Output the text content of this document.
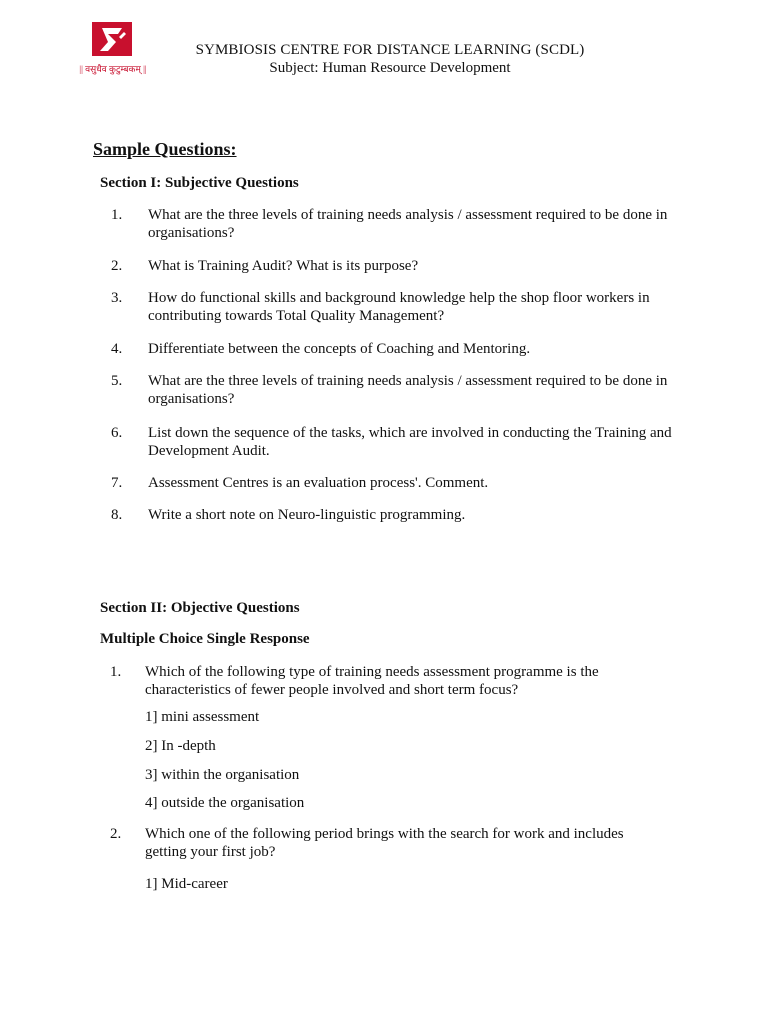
|| वसुधैव कुटुम्बकम् ||
SYMBIOSIS CENTRE FOR DISTANCE LEARNING (SCDL)
Subject: Human Resource Development
Sample Questions:
Section I: Subjective Questions
1. What are the three levels of training needs analysis / assessment required to be done in organisations?
2. What is Training Audit? What is its purpose?
3. How do functional skills and background knowledge help the shop floor workers in contributing towards Total Quality Management?
4. Differentiate between the concepts of Coaching and Mentoring.
5. What are the three levels of training needs analysis / assessment required to be done in organisations?
6. List down the sequence of the tasks, which are involved in conducting the Training and Development Audit.
7. Assessment Centres is an evaluation process'. Comment.
8. Write a short note on Neuro-linguistic programming.
Section II: Objective Questions
Multiple Choice Single Response
1. Which of the following type of training needs assessment programme is the characteristics of fewer people involved and short term focus?
1] mini assessment
2] In -depth
3] within the organisation
4] outside the organisation
2. Which one of the following period brings with the search for work and includes getting your first job?
1] Mid-career
